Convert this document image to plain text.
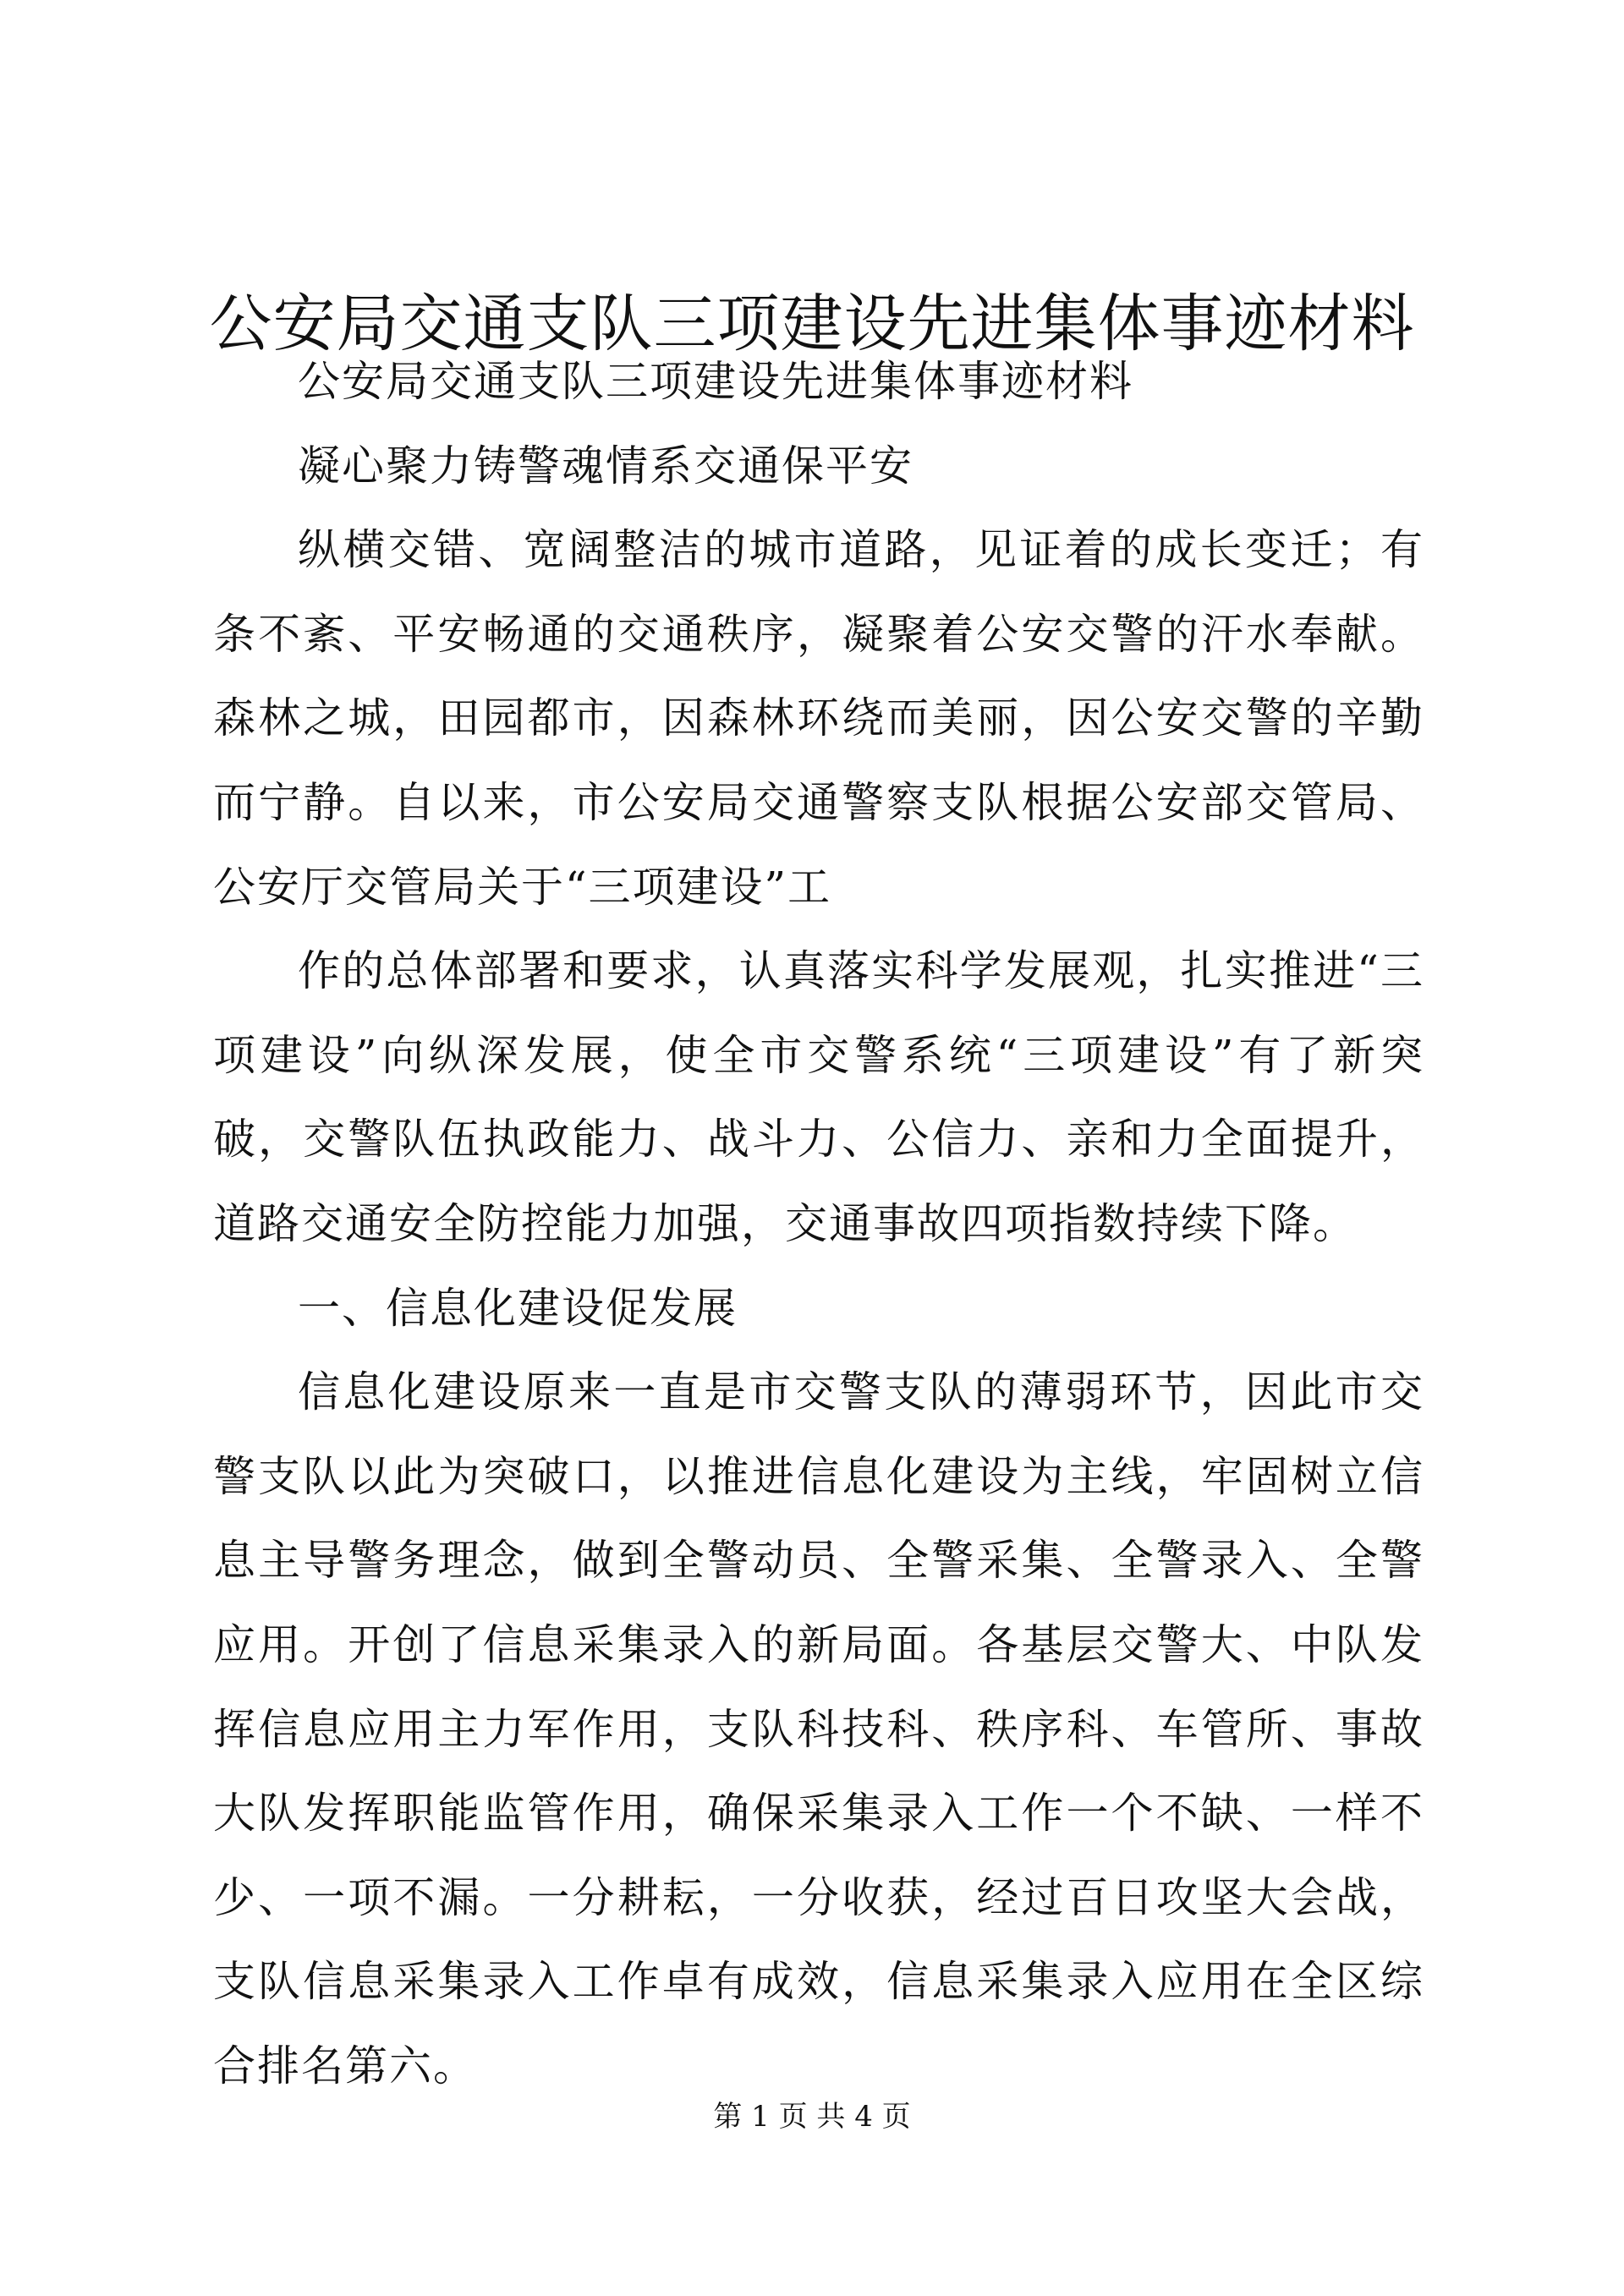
公安局交通支队三项建设先进集体事迹材料

公安局交通支队三项建设先进集体事迹材料

凝心聚力铸警魂情系交通保平安

纵横交错、宽阔整洁的城市道路，见证着的成长变迁；有条不紊、平安畅通的交通秩序，凝聚着公安交警的汗水奉献。森林之城，田园都市，因森林环绕而美丽，因公安交警的辛勤而宁静。自以来，市公安局交通警察支队根据公安部交管局、公安厅交管局关于“三项建设”工

作的总体部署和要求，认真落实科学发展观，扎实推进“三项建设”向纵深发展，使全市交警系统“三项建设”有了新突破，交警队伍执政能力、战斗力、公信力、亲和力全面提升，道路交通安全防控能力加强，交通事故四项指数持续下降。

一、信息化建设促发展

信息化建设原来一直是市交警支队的薄弱环节，因此市交警支队以此为突破口，以推进信息化建设为主线，牢固树立信息主导警务理念，做到全警动员、全警采集、全警录入、全警应用。开创了信息采集录入的新局面。各基层交警大、中队发挥信息应用主力军作用，支队科技科、秩序科、车管所、事故大队发挥职能监管作用，确保采集录入工作一个不缺、一样不少、一项不漏。一分耕耘，一分收获，经过百日攻坚大会战，支队信息采集录入工作卓有成效，信息采集录入应用在全区综合排名第六。

第 1 页 共 4 页
